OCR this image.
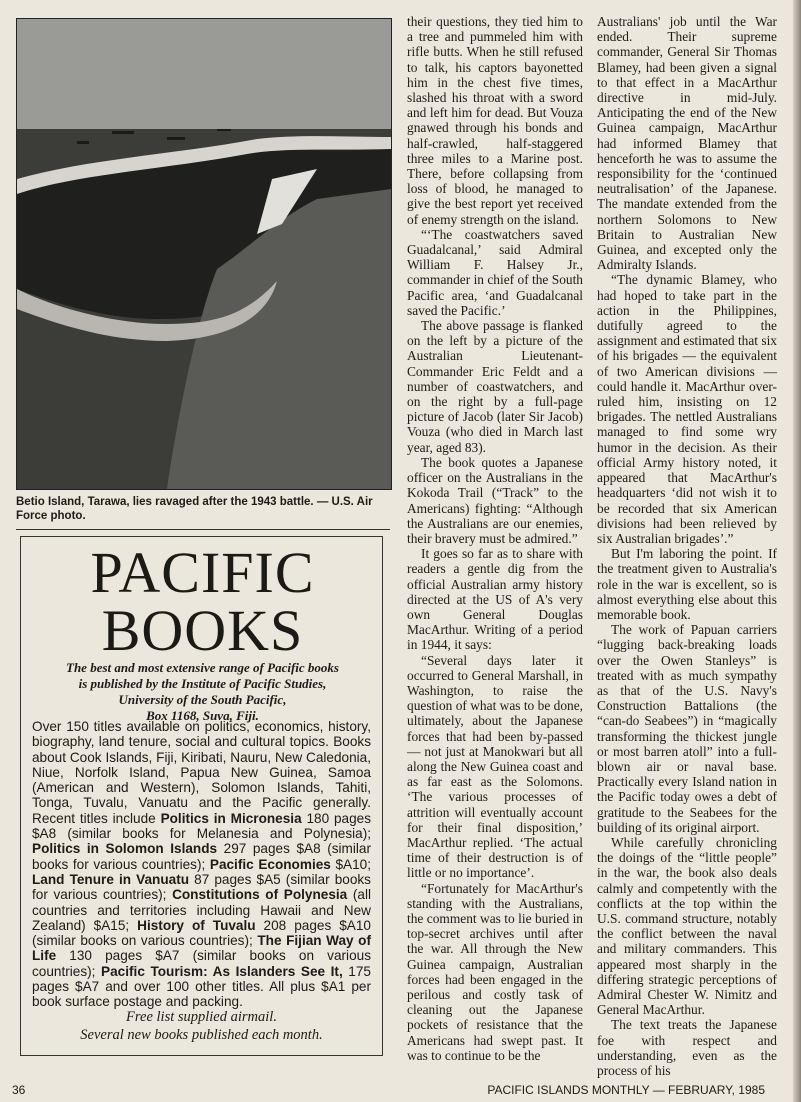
Betio Island, Tarawa, lies ravaged after the 1943 battle. — U.S. Air Force photo.
PACIFIC
BOOKS
The best and most extensive range of Pacific books
is published by the Institute of Pacific Studies,
University of the South Pacific,
Box 1168, Suva, Fiji.
Over 150 titles available on politics, economics, history, biography, land tenure, social and cultural topics. Books about Cook Islands, Fiji, Kiribati, Nauru, New Caledonia, Niue, Norfolk Island, Papua New Guinea, Samoa (American and Western), Solomon Islands, Tahiti, Tonga, Tuvalu, Vanuatu and the Pacific generally. Recent titles include Politics in Micronesia 180 pages $A8 (similar books for Melanesia and Polynesia); Politics in Solomon Islands 297 pages $A8 (similar books for various countries); Pacific Economies $A10; Land Tenure in Vanuatu 87 pages $A5 (similar books for various countries); Constitutions of Polynesia (all countries and territories including Hawaii and New Zealand) $A15; History of Tuvalu 208 pages $A10 (similar books on various countries); The Fijian Way of Life 130 pages $A7 (similar books on various countries); Pacific Tourism: As Islanders See It, 175 pages $A7 and over 100 other titles. All plus $A1 per book surface postage and packing.
Free list supplied airmail.
Several new books published each month.

their questions, they tied him to a tree and pummeled him with rifle butts. When he still refused to talk, his captors bayonetted him in the chest five times, slashed his throat with a sword and left him for dead. But Vouza gnawed through his bonds and half-crawled, half-staggered three miles to a Marine post. There, before collapsing from loss of blood, he managed to give the best report yet received of enemy strength on the island.

“‘The coastwatchers saved Guadalcanal,’ said Admiral William F. Halsey Jr., commander in chief of the South Pacific area, ‘and Guadalcanal saved the Pacific.’

The above passage is flanked on the left by a picture of the Australian Lieutenant-Commander Eric Feldt and a number of coastwatchers, and on the right by a full-page picture of Jacob (later Sir Jacob) Vouza (who died in March last year, aged 83).

The book quotes a Japanese officer on the Australians in the Kokoda Trail (“Track” to the Americans) fighting: “Although the Australians are our enemies, their bravery must be admired.”

It goes so far as to share with readers a gentle dig from the official Australian army history directed at the US of A's very own General Douglas MacArthur. Writing of a period in 1944, it says:

“Several days later it occurred to General Marshall, in Washington, to raise the question of what was to be done, ultimately, about the Japanese forces that had been by-passed — not just at Manokwari but all along the New Guinea coast and as far east as the Solomons. ‘The various processes of attrition will eventually account for their final disposition,’ MacArthur replied. ‘The actual time of their destruction is of little or no importance’.

“Fortunately for MacArthur's standing with the Australians, the comment was to lie buried in top-secret archives until after the war. All through the New Guinea campaign, Australian forces had been engaged in the perilous and costly task of cleaning out the Japanese pockets of resistance that the Americans had swept past. It was to continue to be the

Australians' job until the War ended. Their supreme commander, General Sir Thomas Blamey, had been given a signal to that effect in a MacArthur directive in mid-July. Anticipating the end of the New Guinea campaign, MacArthur had informed Blamey that henceforth he was to assume the responsibility for the ‘continued neutralisation’ of the Japanese. The mandate extended from the northern Solomons to New Britain to Australian New Guinea, and excepted only the Admiralty Islands.

“The dynamic Blamey, who had hoped to take part in the action in the Philippines, dutifully agreed to the assignment and estimated that six of his brigades — the equivalent of two American divisions — could handle it. MacArthur over-ruled him, insisting on 12 brigades. The nettled Australians managed to find some wry humor in the decision. As their official Army history noted, it appeared that MacArthur's headquarters ‘did not wish it to be recorded that six American divisions had been relieved by six Australian brigades’.”

But I'm laboring the point. If the treatment given to Australia's role in the war is excellent, so is almost everything else about this memorable book.

The work of Papuan carriers “lugging back-breaking loads over the Owen Stanleys” is treated with as much sympathy as that of the U.S. Navy's Construction Battalions (the “can-do Seabees”) in “magically transforming the thickest jungle or most barren atoll” into a full-blown air or naval base. Practically every Island nation in the Pacific today owes a debt of gratitude to the Seabees for the building of its original airport.

While carefully chronicling the doings of the “little people” in the war, the book also deals calmly and competently with the conflicts at the top within the U.S. command structure, notably the conflict between the naval and military commanders. This appeared most sharply in the differing strategic perceptions of Admiral Chester W. Nimitz and General MacArthur.

The text treats the Japanese foe with respect and understanding, even as the process of his

36	PACIFIC ISLANDS MONTHLY — FEBRUARY, 1985
